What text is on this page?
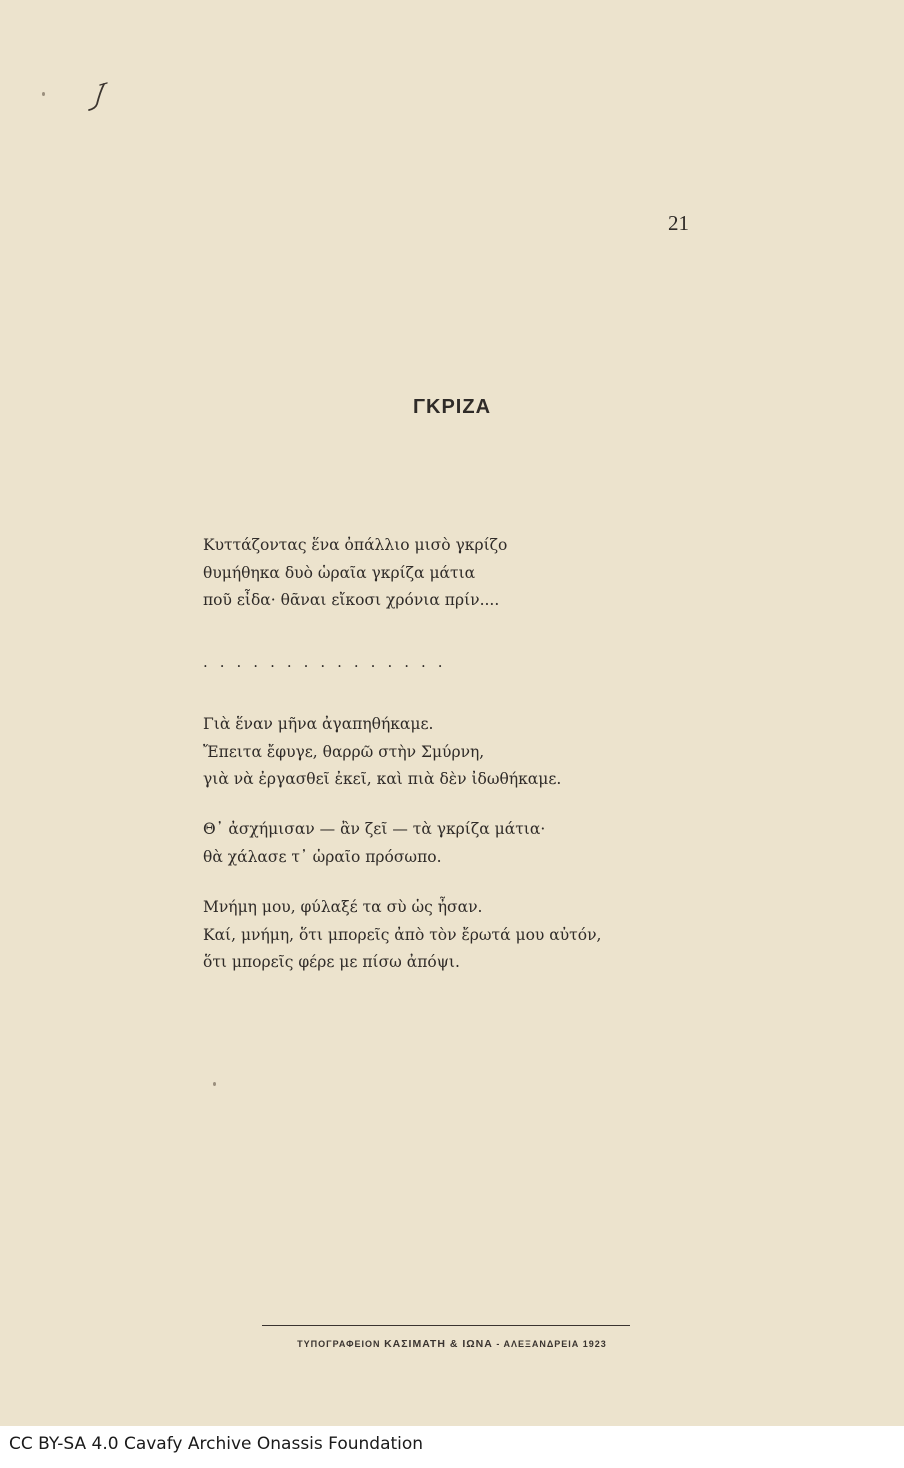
21
ΓΚΡΙΖΑ
Κυττάζοντας ἕνα ὀπάλλιο μισὸ γκρίζο
θυμήθηκα δυὸ ὡραῖα γκρίζα μάτια
ποῦ εἶδα· θᾶναι εἴκοσι χρόνια πρίν....
...............
Γιὰ ἕναν μῆνα ἀγαπηθήκαμε.
Ἔπειτα ἔφυγε, θαρρῶ στὴν Σμύρνη,
γιὰ νὰ ἐργασθεῖ ἐκεῖ, καὶ πιὰ δὲν ἰδωθήκαμε.
Θ᾽ ἀσχήμισαν — ἂν ζεῖ — τὰ γκρίζα μάτια·
θὰ χάλασε τ᾽ ὡραῖο πρόσωπο.
Μνήμη μου, φύλαξέ τα σὺ ὡς ἦσαν.
Καί, μνήμη, ὅτι μπορεῖς ἀπὸ τὸν ἔρωτά μου αὐτόν,
ὅτι μπορεῖς φέρε με πίσω ἀπόψι.
ΤΥΠΟΓΡΑΦΕΙΟΝ ΚΑΣΙΜΑΤΗ & ΙΩΝΑ - ΑΛΕΞΑΝΔΡΕΙΑ 1923
CC BY-SA 4.0 Cavafy Archive Onassis Foundation
